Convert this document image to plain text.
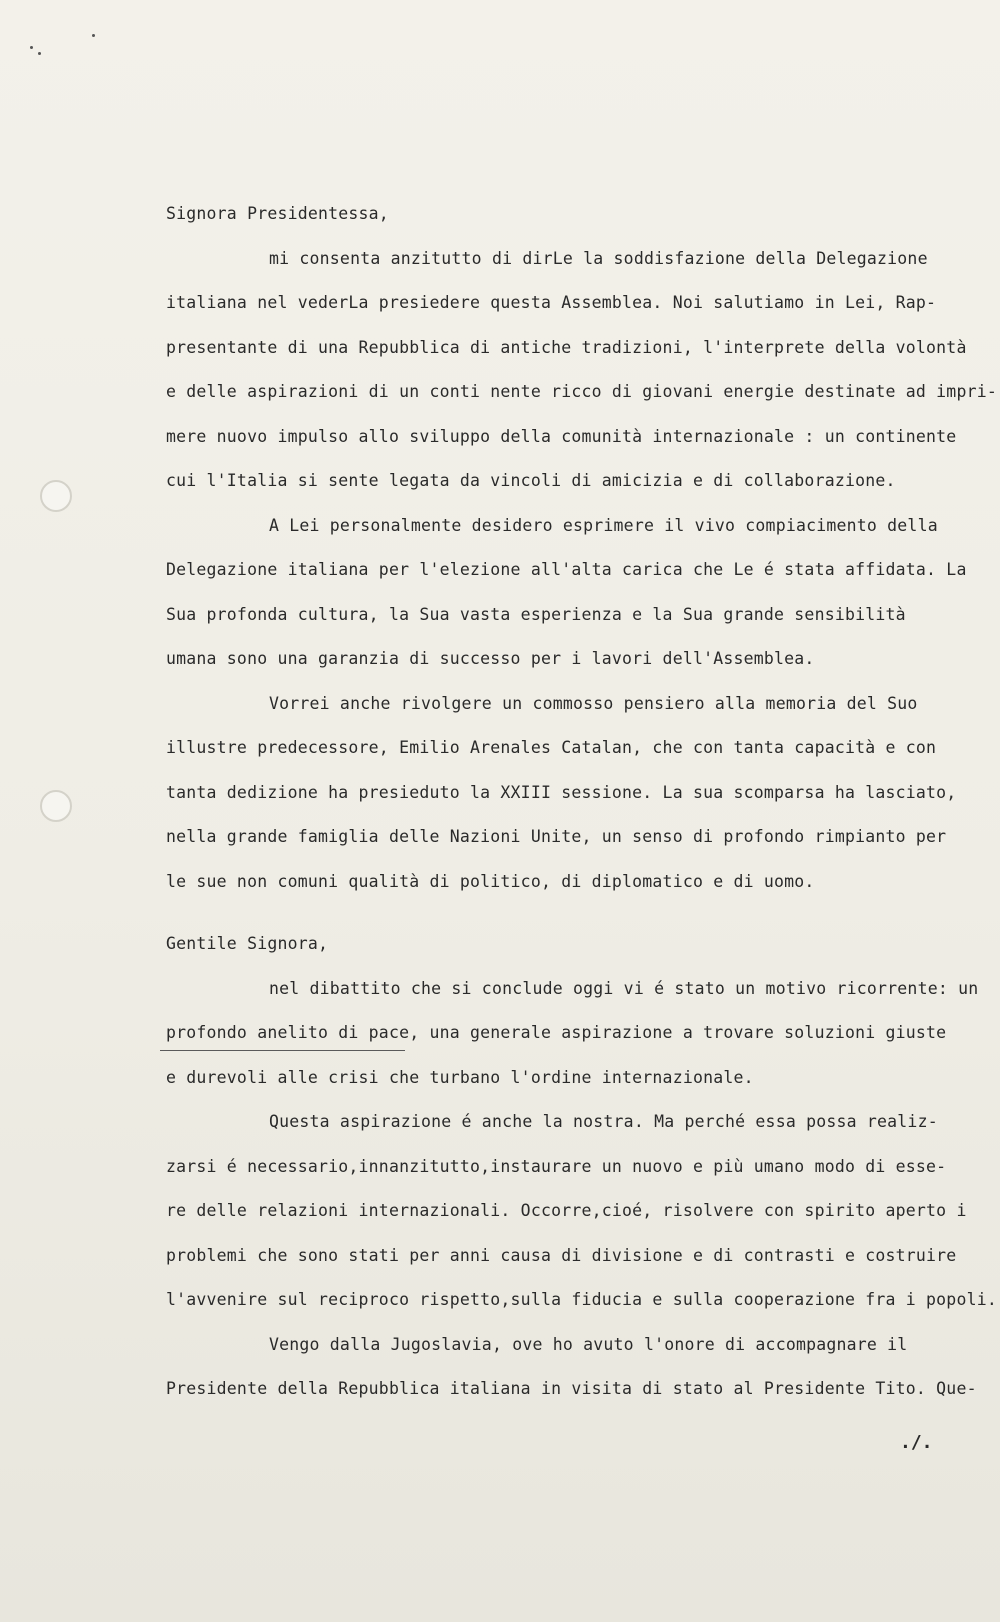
Signora Presidentessa,
mi consenta anzitutto di dirLe la soddisfazione della Delegazione
italiana nel vederLa presiedere questa Assemblea. Noi salutiamo in Lei, Rap-
presentante di una Repubblica di antiche tradizioni, l'interprete della volontà
e delle aspirazioni di un conti nente ricco di giovani energie destinate ad impri-
mere nuovo impulso allo sviluppo della comunità internazionale : un continente
cui l'Italia si sente legata da vincoli di amicizia e di collaborazione.
A Lei personalmente desidero esprimere il vivo compiacimento della
Delegazione italiana per l'elezione all'alta carica che Le é stata affidata. La
Sua profonda cultura, la Sua vasta esperienza e la Sua grande sensibilità
umana sono una garanzia di successo per i lavori dell'Assemblea.
Vorrei anche rivolgere un commosso pensiero alla memoria del Suo
illustre predecessore, Emilio Arenales Catalan, che con tanta capacità e con
tanta dedizione ha presieduto la XXIII sessione. La sua scomparsa ha lasciato,
nella grande famiglia delle Nazioni Unite, un senso di profondo rimpianto per
le sue non comuni qualità di politico, di diplomatico e di uomo.
Gentile Signora,
nel dibattito che si conclude oggi vi é stato un motivo ricorrente: un
profondo anelito di pace, una generale aspirazione a trovare soluzioni giuste
e durevoli alle crisi che turbano l'ordine internazionale.
Questa aspirazione é anche la nostra. Ma perché essa possa realiz-
zarsi é necessario,innanzitutto,instaurare un nuovo e più umano modo di esse-
re delle relazioni internazionali. Occorre,cioé, risolvere con spirito aperto i
problemi che sono stati per anni causa di divisione e di contrasti e costruire
l'avvenire sul reciproco rispetto,sulla fiducia e sulla cooperazione fra i popoli.
Vengo dalla Jugoslavia, ove ho avuto l'onore di accompagnare il
Presidente della Repubblica italiana in visita di stato al Presidente Tito. Que-
./.
